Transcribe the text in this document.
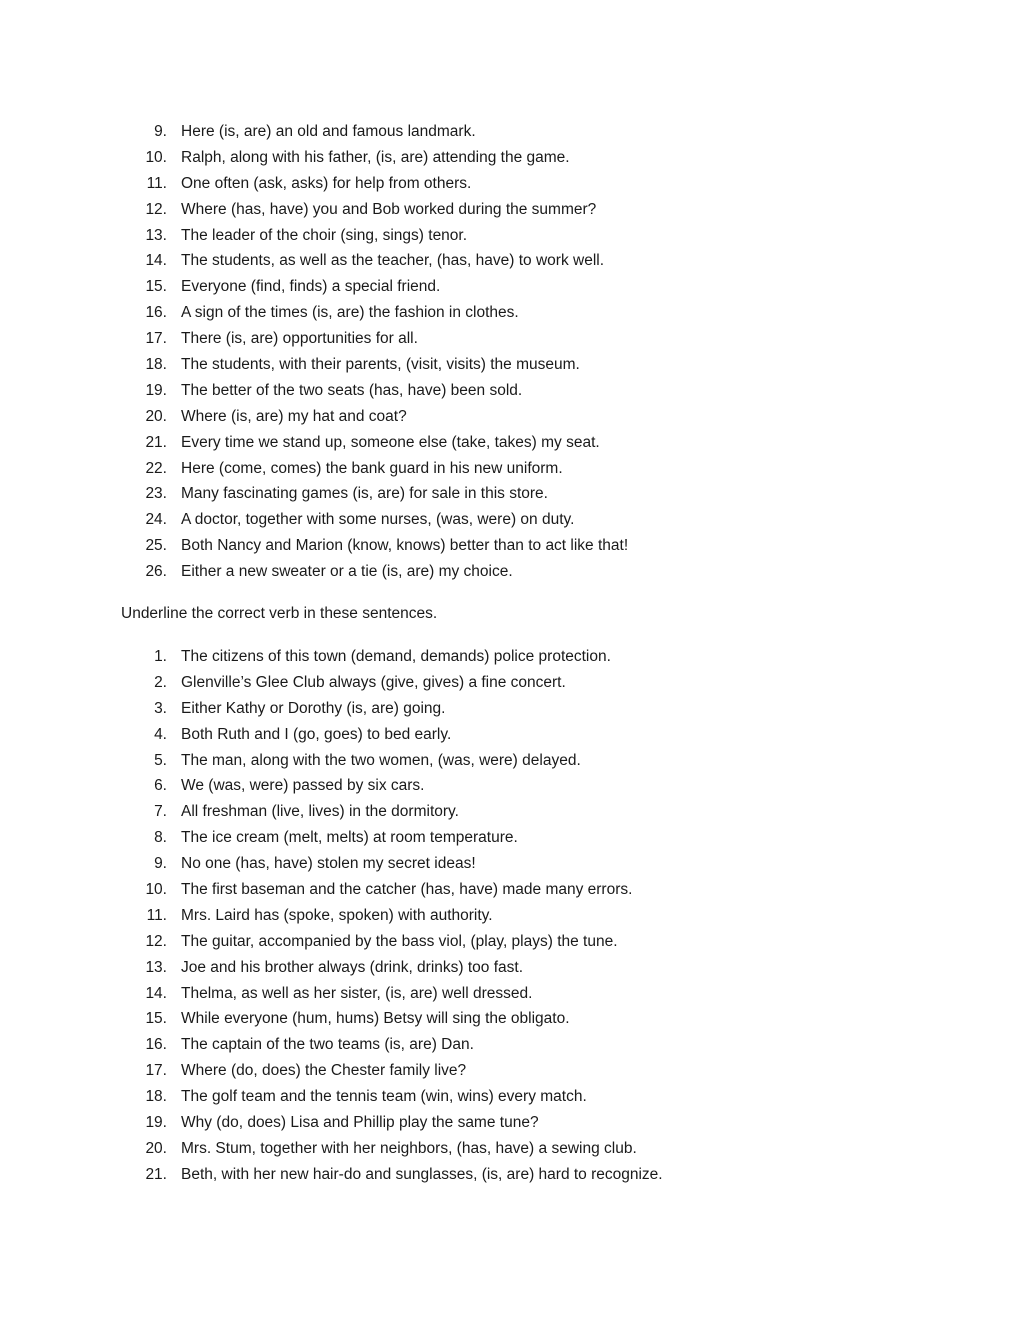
9. Here (is, are) an old and famous landmark.
10. Ralph, along with his father, (is, are) attending the game.
11. One often (ask, asks) for help from others.
12. Where (has, have) you and Bob worked during the summer?
13. The leader of the choir (sing, sings) tenor.
14. The students, as well as the teacher, (has, have) to work well.
15. Everyone (find, finds) a special friend.
16. A sign of the times (is, are) the fashion in clothes.
17. There (is, are) opportunities for all.
18. The students, with their parents, (visit, visits) the museum.
19. The better of the two seats (has, have) been sold.
20. Where (is, are) my hat and coat?
21. Every time we stand up, someone else (take, takes) my seat.
22. Here (come, comes) the bank guard in his new uniform.
23. Many fascinating games (is, are) for sale in this store.
24. A doctor, together with some nurses, (was, were) on duty.
25. Both Nancy and Marion (know, knows) better than to act like that!
26. Either a new sweater or a tie (is, are) my choice.

Underline the correct verb in these sentences.

1. The citizens of this town (demand, demands) police protection.
2. Glenville’s Glee Club always (give, gives) a fine concert.
3. Either Kathy or Dorothy (is, are) going.
4. Both Ruth and I (go, goes) to bed early.
5. The man, along with the two women, (was, were) delayed.
6. We (was, were) passed by six cars.
7. All freshman (live, lives) in the dormitory.
8. The ice cream (melt, melts) at room temperature.
9. No one (has, have) stolen my secret ideas!
10. The first baseman and the catcher (has, have) made many errors.
11. Mrs. Laird has (spoke, spoken) with authority.
12. The guitar, accompanied by the bass viol, (play, plays) the tune.
13. Joe and his brother always (drink, drinks) too fast.
14. Thelma, as well as her sister, (is, are) well dressed.
15. While everyone (hum, hums) Betsy will sing the obligato.
16. The captain of the two teams (is, are) Dan.
17. Where (do, does) the Chester family live?
18. The golf team and the tennis team (win, wins) every match.
19. Why (do, does) Lisa and Phillip play the same tune?
20. Mrs. Stum, together with her neighbors, (has, have) a sewing club.
21. Beth, with her new hair-do and sunglasses, (is, are) hard to recognize.
